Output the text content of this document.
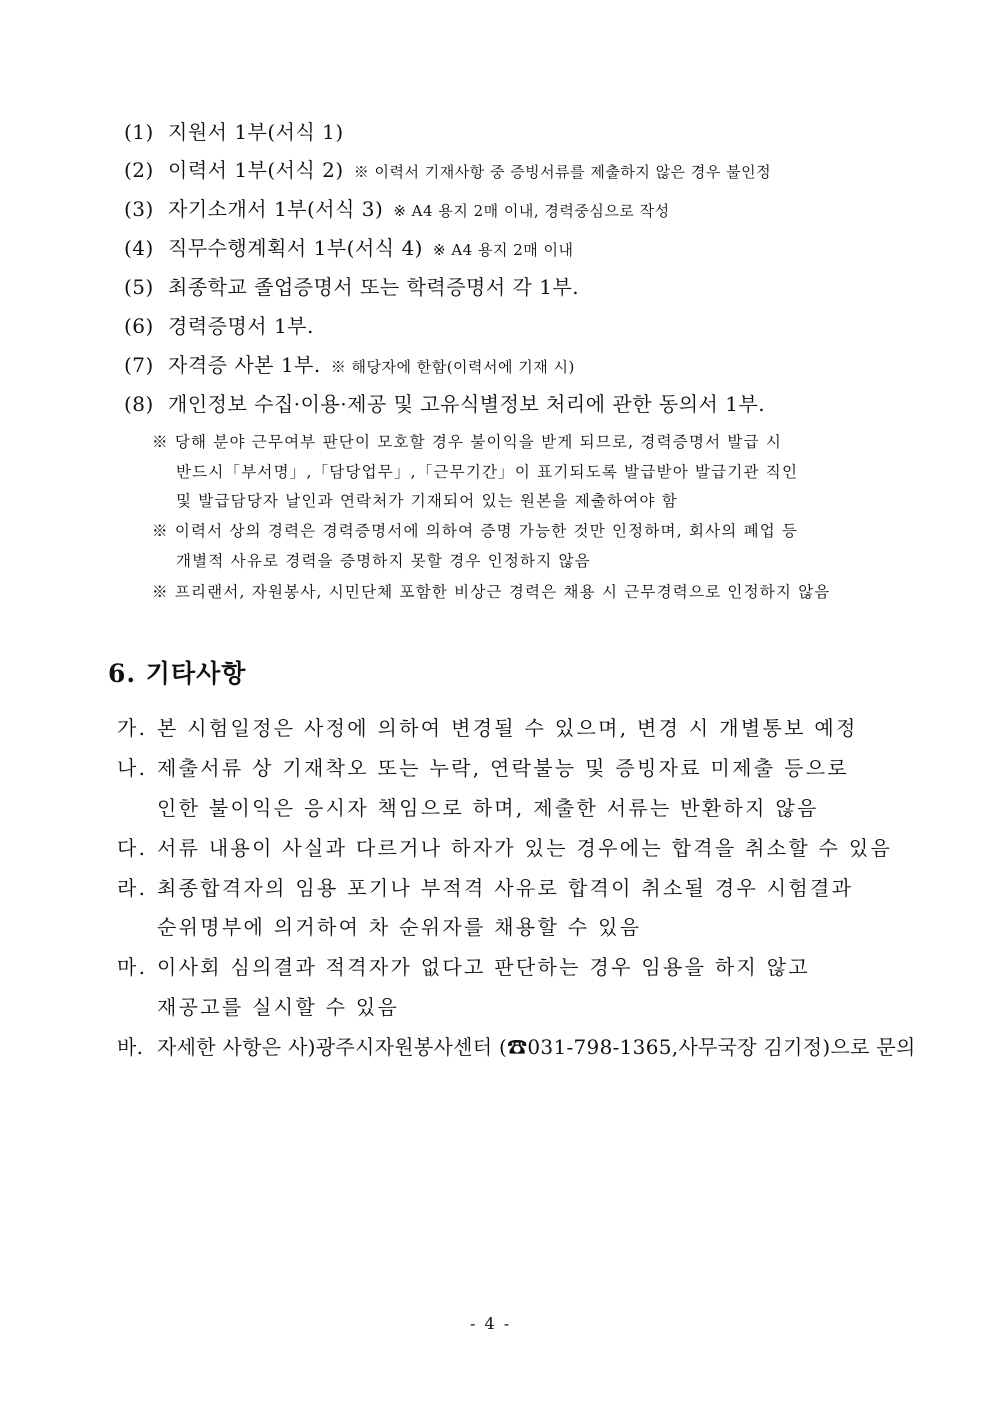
(1) 지원서 1부(서식 1)
(2) 이력서 1부(서식 2) ※ 이력서 기재사항 중 증빙서류를 제출하지 않은 경우 불인정
(3) 자기소개서 1부(서식 3) ※ A4 용지 2매 이내, 경력중심으로 작성
(4) 직무수행계획서 1부(서식 4) ※ A4 용지 2매 이내
(5) 최종학교 졸업증명서 또는 학력증명서 각 1부.
(6) 경력증명서 1부.
(7) 자격증 사본 1부. ※ 해당자에 한함(이력서에 기재 시)
(8) 개인정보 수집·이용·제공 및 고유식별정보 처리에 관한 동의서 1부.
※ 당해 분야 근무여부 판단이 모호할 경우 불이익을 받게 되므로, 경력증명서 발급 시
반드시「부서명」,「담당업무」,「근무기간」이 표기되도록 발급받아 발급기관 직인
및 발급담당자 날인과 연락처가 기재되어 있는 원본을 제출하여야 함
※ 이력서 상의 경력은 경력증명서에 의하여 증명 가능한 것만 인정하며, 회사의 폐업 등
개별적 사유로 경력을 증명하지 못할 경우 인정하지 않음
※ 프리랜서, 자원봉사, 시민단체 포함한 비상근 경력은 채용 시 근무경력으로 인정하지 않음
6. 기타사항
가. 본 시험일정은 사정에 의하여 변경될 수 있으며, 변경 시 개별통보 예정
나. 제출서류 상 기재착오 또는 누락, 연락불능 및 증빙자료 미제출 등으로
인한 불이익은 응시자 책임으로 하며, 제출한 서류는 반환하지 않음
다. 서류 내용이 사실과 다르거나 하자가 있는 경우에는 합격을 취소할 수 있음
라. 최종합격자의 임용 포기나 부적격 사유로 합격이 취소될 경우 시험결과
순위명부에 의거하여 차 순위자를 채용할 수 있음
마. 이사회 심의결과 적격자가 없다고 판단하는 경우 임용을 하지 않고
재공고를 실시할 수 있음
바. 자세한 사항은 사)광주시자원봉사센터 (☎031-798-1365,사무국장 김기정)으로 문의
- 4 -
